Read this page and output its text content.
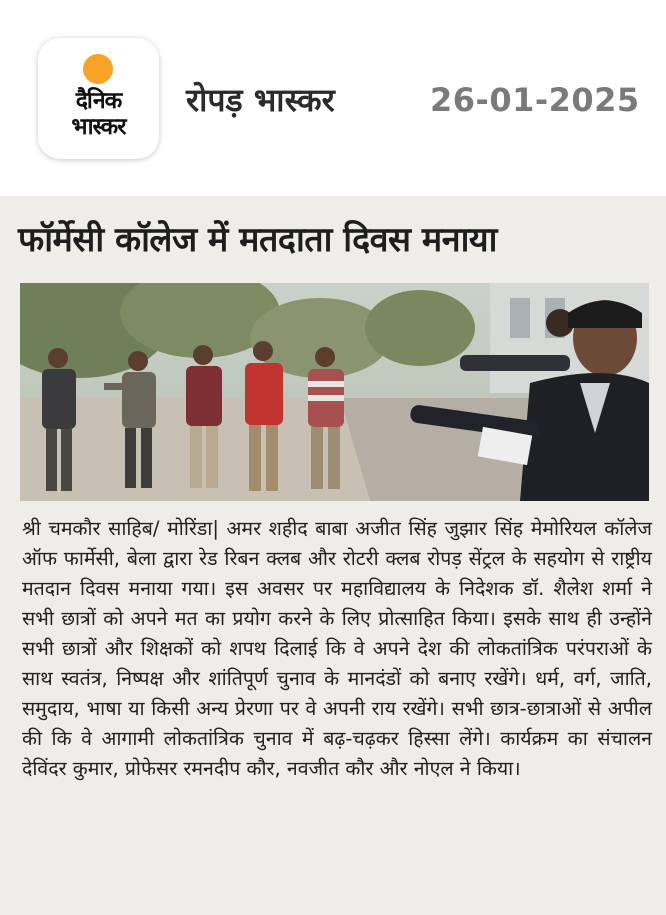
दैनिक
भास्कर
रोपड़ भास्कर	26-01-2025
फॉर्मेसी कॉलेज में मतदाता दिवस मनाया
श्री चमकौर साहिब/ मोरिंडा| अमर शहीद बाबा अजीत सिंह जुझार सिंह मेमोरियल कॉलेज ऑफ फार्मेसी, बेला द्वारा रेड रिबन क्लब और रोटरी क्लब रोपड़ सेंट्रल के सहयोग से राष्ट्रीय मतदान दिवस मनाया गया। इस अवसर पर महाविद्यालय के निदेशक डॉ. शैलेश शर्मा ने सभी छात्रों को अपने मत का प्रयोग करने के लिए प्रोत्साहित किया। इसके साथ ही उन्होंने सभी छात्रों और शिक्षकों को शपथ दिलाई कि वे अपने देश की लोकतांत्रिक परंपराओं के साथ स्वतंत्र, निष्पक्ष और शांतिपूर्ण चुनाव के मानदंडों को बनाए रखेंगे। धर्म, वर्ग, जाति, समुदाय, भाषा या किसी अन्य प्रेरणा पर वे अपनी राय रखेंगे। सभी छात्र-छात्राओं से अपील की कि वे आगामी लोकतांत्रिक चुनाव में बढ़-चढ़कर हिस्सा लेंगे। कार्यक्रम का संचालन देविंदर कुमार, प्रोफेसर रमनदीप कौर, नवजीत कौर और नोएल ने किया।
